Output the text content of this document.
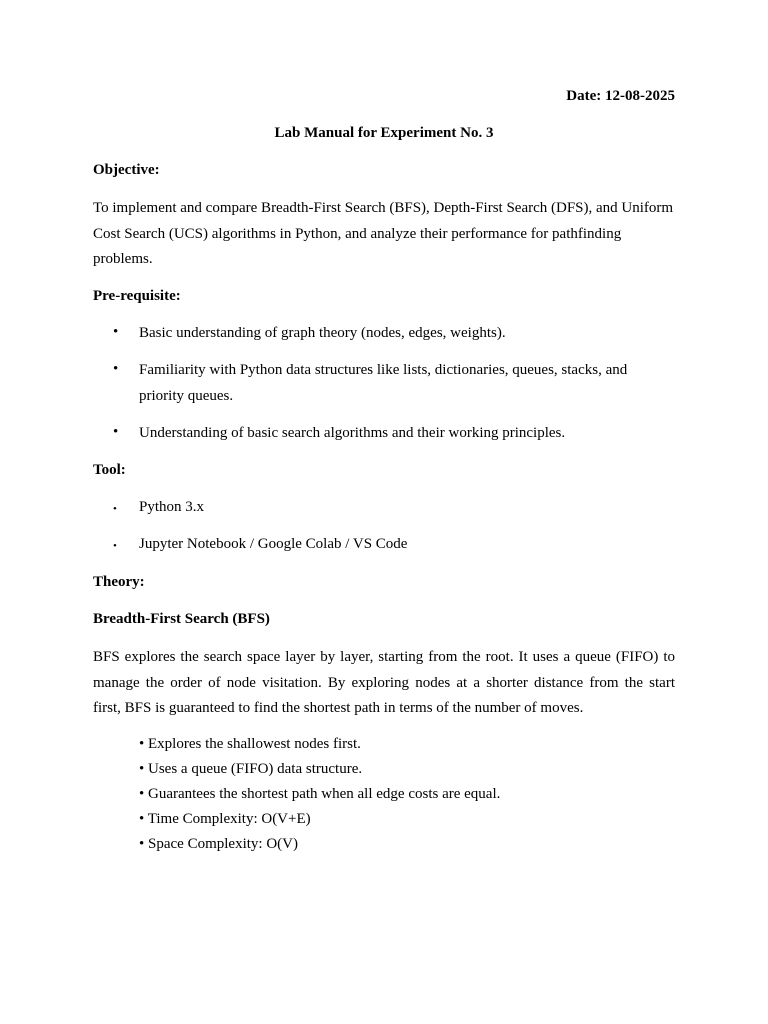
Date: 12-08-2025
Lab Manual for Experiment No. 3
Objective:
To implement and compare Breadth-First Search (BFS), Depth-First Search (DFS), and Uniform Cost Search (UCS) algorithms in Python, and analyze their performance for pathfinding problems.
Pre-requisite:
• Basic understanding of graph theory (nodes, edges, weights).
• Familiarity with Python data structures like lists, dictionaries, queues, stacks, and priority queues.
• Understanding of basic search algorithms and their working principles.
Tool:
• Python 3.x
• Jupyter Notebook / Google Colab / VS Code
Theory:
Breadth-First Search (BFS)
BFS explores the search space layer by layer, starting from the root. It uses a queue (FIFO) to
manage the order of node visitation. By exploring nodes at a shorter distance from the start
first, BFS is guaranteed to find the shortest path in terms of the number of moves.
• Explores the shallowest nodes first.
• Uses a queue (FIFO) data structure.
• Guarantees the shortest path when all edge costs are equal.
• Time Complexity: O(V+E)
• Space Complexity: O(V)
